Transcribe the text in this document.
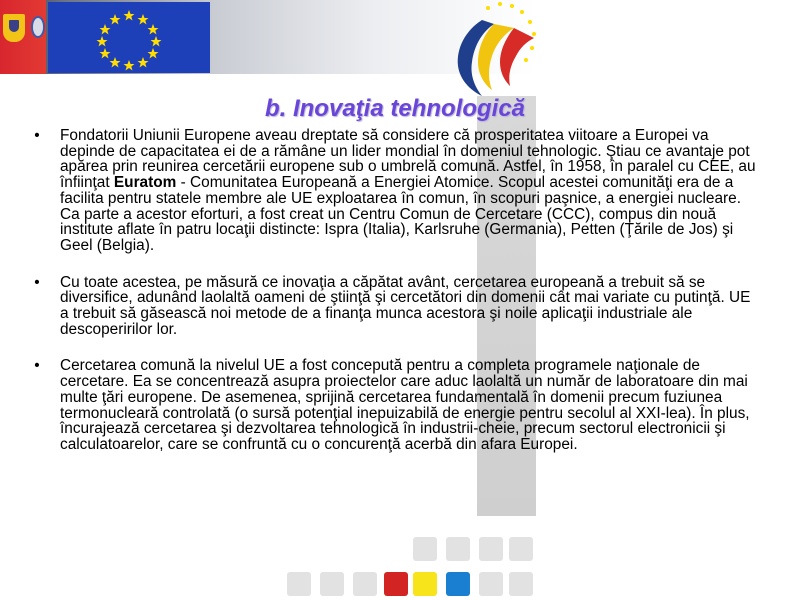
b. Inovaţia tehnologică
• Fondatorii Uniunii Europene aveau dreptate să considere că prosperitatea viitoare a Europei va depinde de capacitatea ei de a rămâne un lider mondial în domeniul tehnologic. Ştiau ce avantaje pot apărea prin reunirea cercetării europene sub o umbrelă comună. Astfel, în 1958, în paralel cu CEE, au înfiinţat Euratom - Comunitatea Europeană a Energiei Atomice. Scopul acestei comunităţi era de a facilita pentru statele membre ale UE exploatarea în comun, în scopuri paşnice, a energiei nucleare. Ca parte a acestor eforturi, a fost creat un Centru Comun de Cercetare (CCC), compus din nouă institute aflate în patru locaţii distincte: Ispra (Italia), Karlsruhe (Germania), Petten (Ţările de Jos) şi Geel (Belgia).
• Cu toate acestea, pe măsură ce inovaţia a căpătat avânt, cercetarea europeană a trebuit să se diversifice, adunând laolaltă oameni de ştiinţă şi cercetători din domenii cât mai variate cu putinţă. UE a trebuit să găsească noi metode de a finanţa munca acestora şi noile aplicaţii industriale ale descoperirilor lor.
• Cercetarea comună la nivelul UE a fost concepută pentru a completa programele naţionale de cercetare. Ea se concentrează asupra proiectelor care aduc laolaltă un număr de laboratoare din mai multe ţări europene. De asemenea, sprijină cercetarea fundamentală în domenii precum fuziunea termonucleară controlată (o sursă potenţial inepuizabilă de energie pentru secolul al XXI-lea). În plus, încurajează cercetarea şi dezvoltarea tehnologică în industrii-cheie, precum sectorul electronicii şi calculatoarelor, care se confruntă cu o concurenţă acerbă din afara Europei.
